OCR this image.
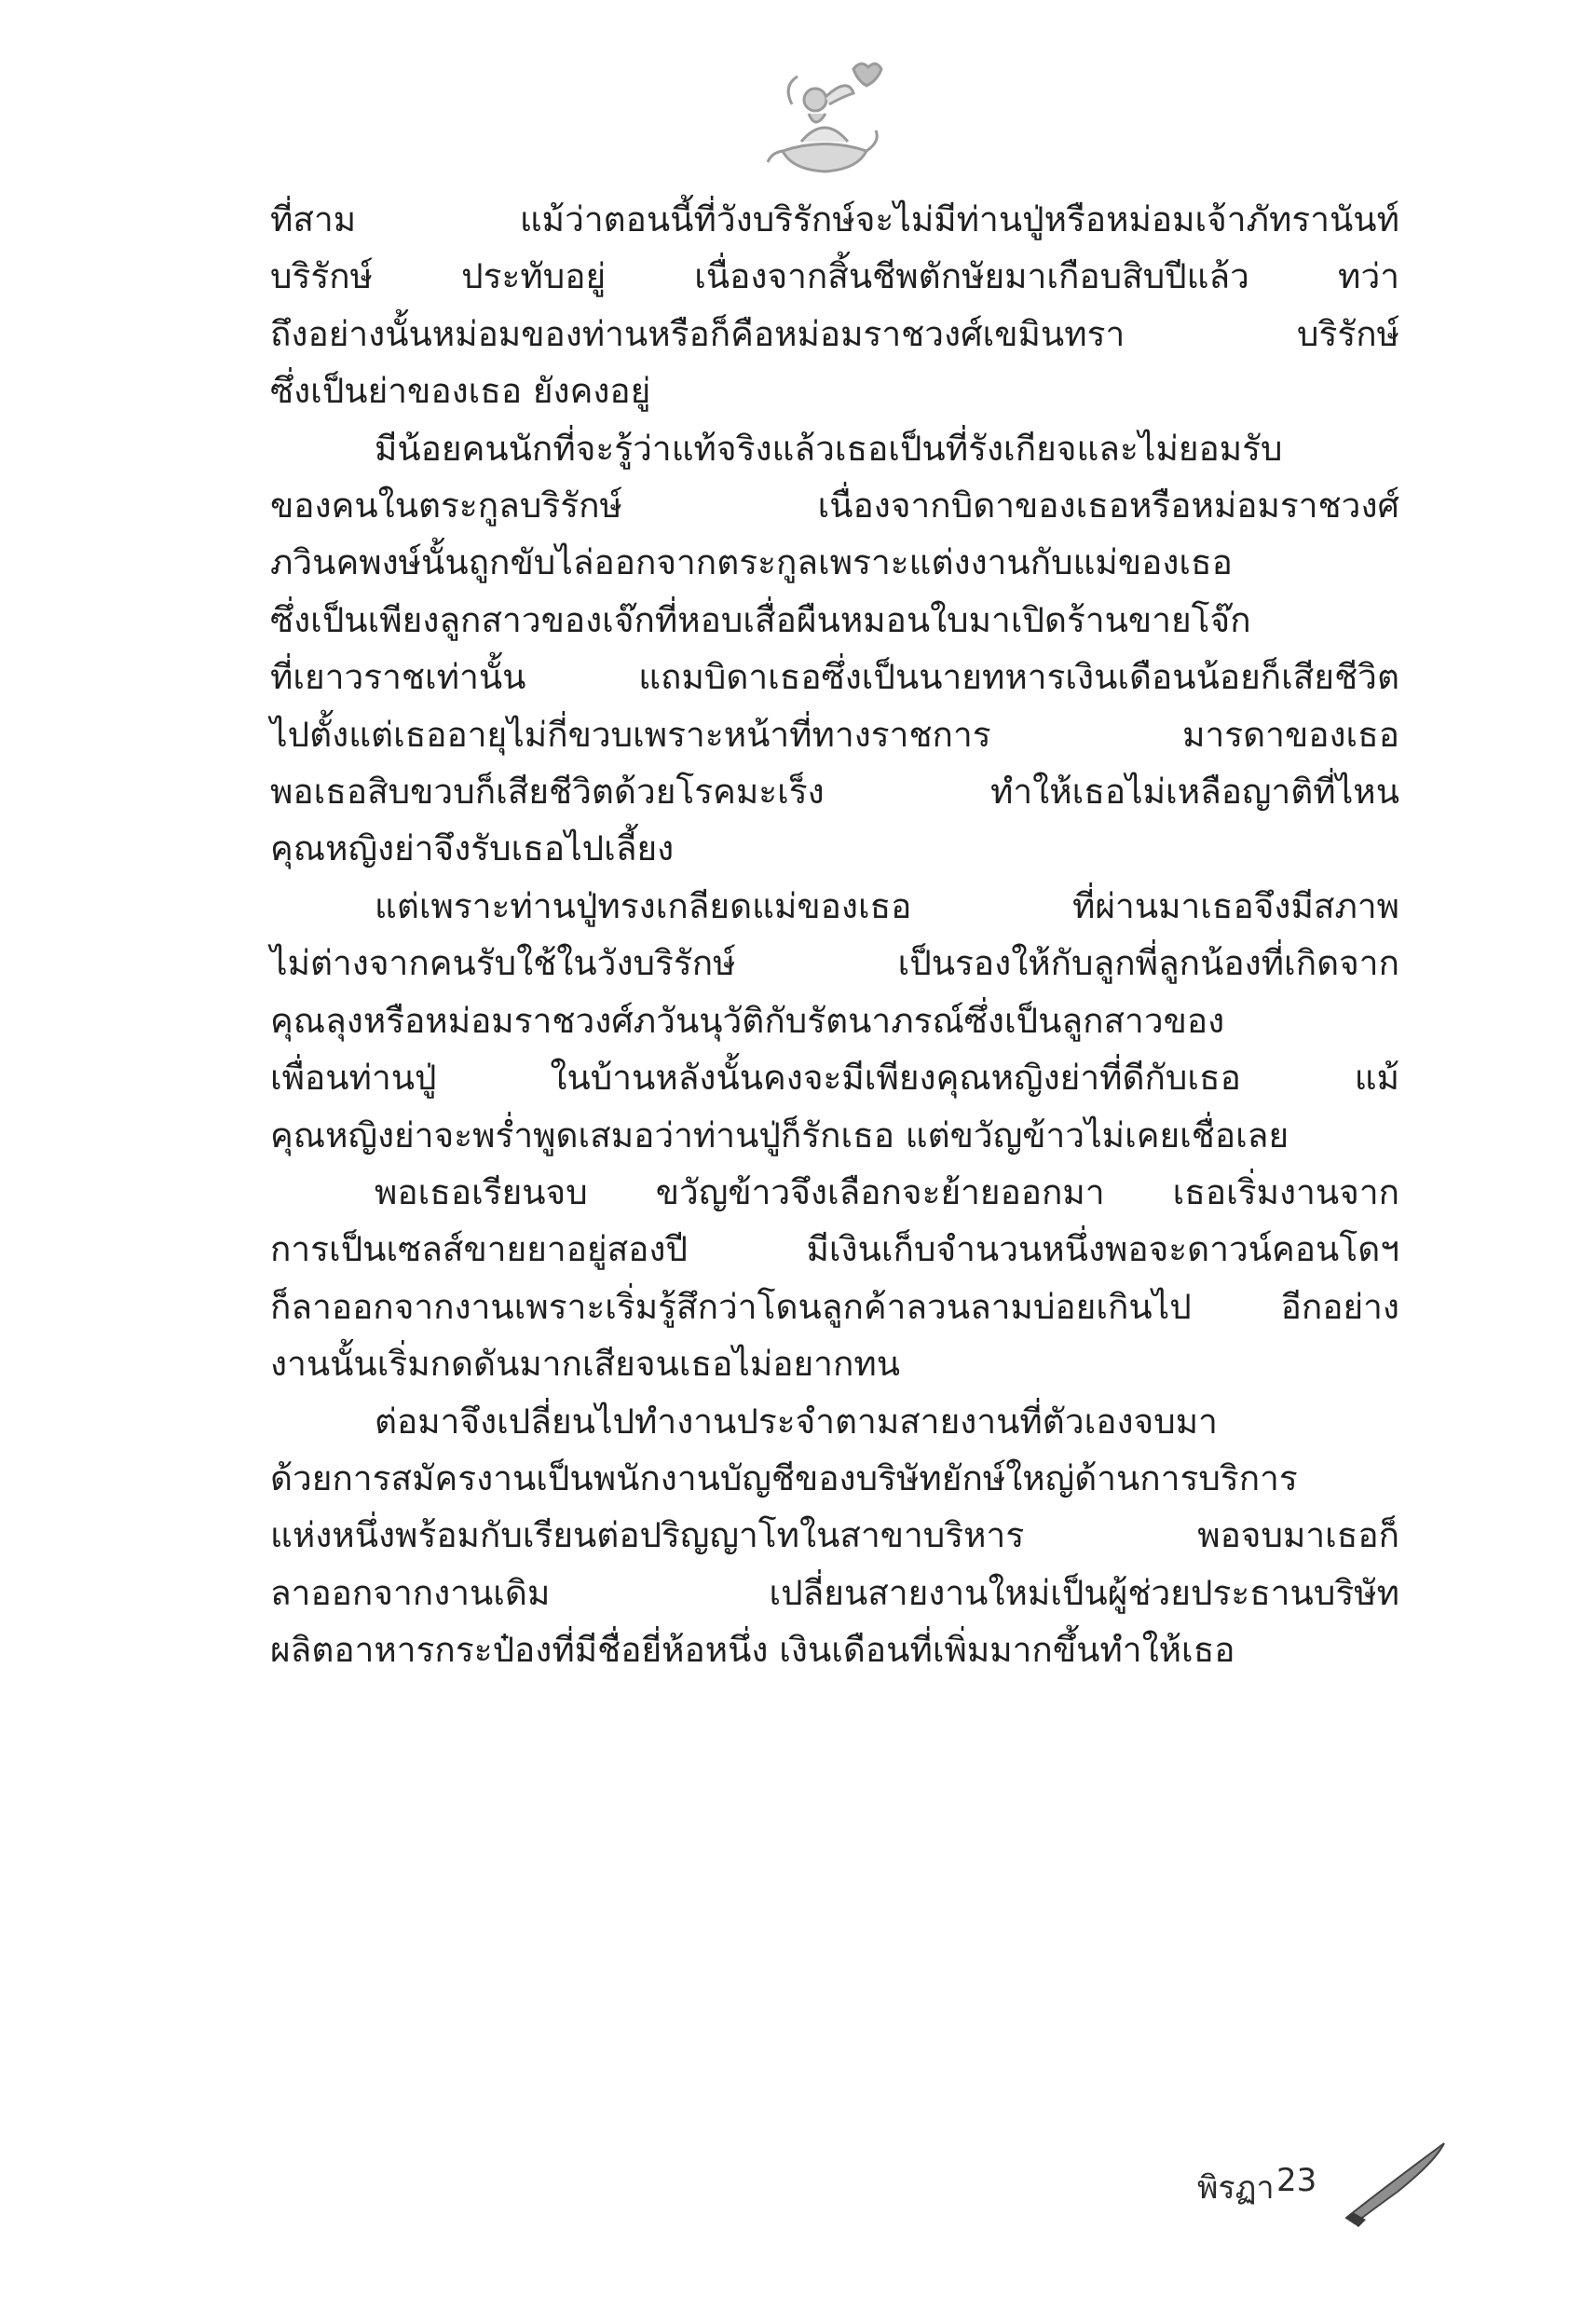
ที่สาม แม้ว่าตอนนี้ที่วังบริรักษ์จะไม่มีท่านปู่หรือหม่อมเจ้าภัทรานันท์
บริรักษ์ ประทับอยู่ เนื่องจากสิ้นชีพตักษัยมาเกือบสิบปีแล้ว ทว่า
ถึงอย่างนั้นหม่อมของท่านหรือก็คือหม่อมราชวงศ์เขมินทรา บริรักษ์
ซึ่งเป็นย่าของเธอ ยังคงอยู่
มีน้อยคนนักที่จะรู้ว่าแท้จริงแล้วเธอเป็นที่รังเกียจและไม่ยอมรับ
ของคนในตระกูลบริรักษ์ เนื่องจากบิดาของเธอหรือหม่อมราชวงศ์
ภวินคพงษ์นั้นถูกขับไล่ออกจากตระกูลเพราะแต่งงานกับแม่ของเธอ
ซึ่งเป็นเพียงลูกสาวของเจ๊กที่หอบเสื่อผืนหมอนใบมาเปิดร้านขายโจ๊ก
ที่เยาวราชเท่านั้น แถมบิดาเธอซึ่งเป็นนายทหารเงินเดือนน้อยก็เสียชีวิต
ไปตั้งแต่เธออายุไม่กี่ขวบเพราะหน้าที่ทางราชการ มารดาของเธอ
พอเธอสิบขวบก็เสียชีวิตด้วยโรคมะเร็ง ทำให้เธอไม่เหลือญาติที่ไหน
คุณหญิงย่าจึงรับเธอไปเลี้ยง
แต่เพราะท่านปู่ทรงเกลียดแม่ของเธอ ที่ผ่านมาเธอจึงมีสภาพ
ไม่ต่างจากคนรับใช้ในวังบริรักษ์ เป็นรองให้กับลูกพี่ลูกน้องที่เกิดจาก
คุณลุงหรือหม่อมราชวงศ์ภวันนุวัติกับรัตนาภรณ์ซึ่งเป็นลูกสาวของ
เพื่อนท่านปู่ ในบ้านหลังนั้นคงจะมีเพียงคุณหญิงย่าที่ดีกับเธอ แม้
คุณหญิงย่าจะพร่ำพูดเสมอว่าท่านปู่ก็รักเธอ แต่ขวัญข้าวไม่เคยเชื่อเลย
พอเธอเรียนจบ ขวัญข้าวจึงเลือกจะย้ายออกมา เธอเริ่มงานจาก
การเป็นเซลส์ขายยาอยู่สองปี มีเงินเก็บจำนวนหนึ่งพอจะดาวน์คอนโดฯ
ก็ลาออกจากงานเพราะเริ่มรู้สึกว่าโดนลูกค้าลวนลามบ่อยเกินไป อีกอย่าง
งานนั้นเริ่มกดดันมากเสียจนเธอไม่อยากทน
ต่อมาจึงเปลี่ยนไปทำงานประจำตามสายงานที่ตัวเองจบมา
ด้วยการสมัครงานเป็นพนักงานบัญชีของบริษัทยักษ์ใหญ่ด้านการบริการ
แห่งหนึ่งพร้อมกับเรียนต่อปริญญาโทในสาขาบริหาร พอจบมาเธอก็
ลาออกจากงานเดิม เปลี่ยนสายงานใหม่เป็นผู้ช่วยประธานบริษัท
ผลิตอาหารกระป๋องที่มีชื่อยี่ห้อหนึ่ง เงินเดือนที่เพิ่มมากขึ้นทำให้เธอ
พิรฏา 23
